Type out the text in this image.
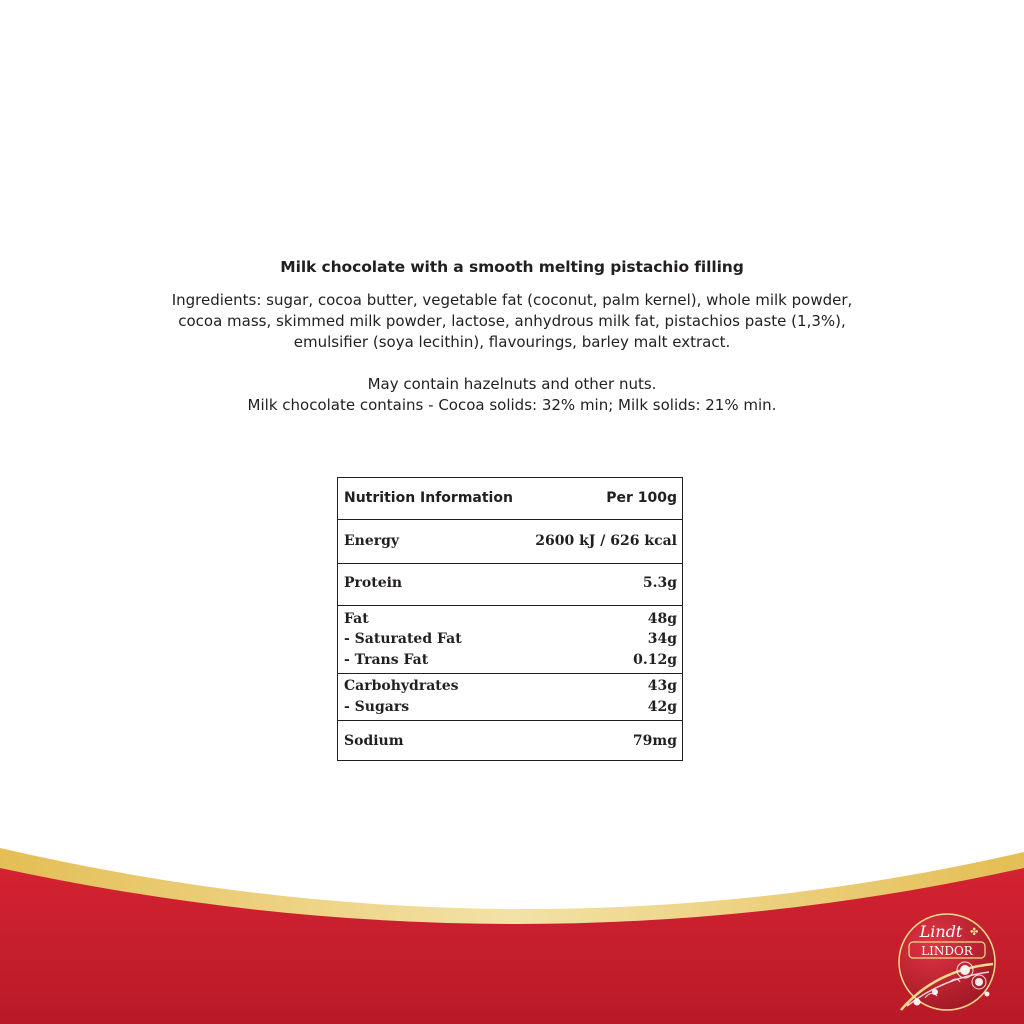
Milk chocolate with a smooth melting pistachio filling
Ingredients: sugar, cocoa butter, vegetable fat (coconut, palm kernel), whole milk powder,
cocoa mass, skimmed milk powder, lactose, anhydrous milk fat, pistachios paste (1,3%),
emulsifier (soya lecithin), flavourings, barley malt extract.
May contain hazelnuts and other nuts.
Milk chocolate contains - Cocoa solids: 32% min; Milk solids: 21% min.
Nutrition Information	Per 100g
Energy	2600 kJ / 626 kcal
Protein	5.3g
Fat	48g
- Saturated Fat	34g
- Trans Fat	0.12g
Carbohydrates	43g
- Sugars	42g
Sodium	79mg
Lindt ✤
LINDOR
